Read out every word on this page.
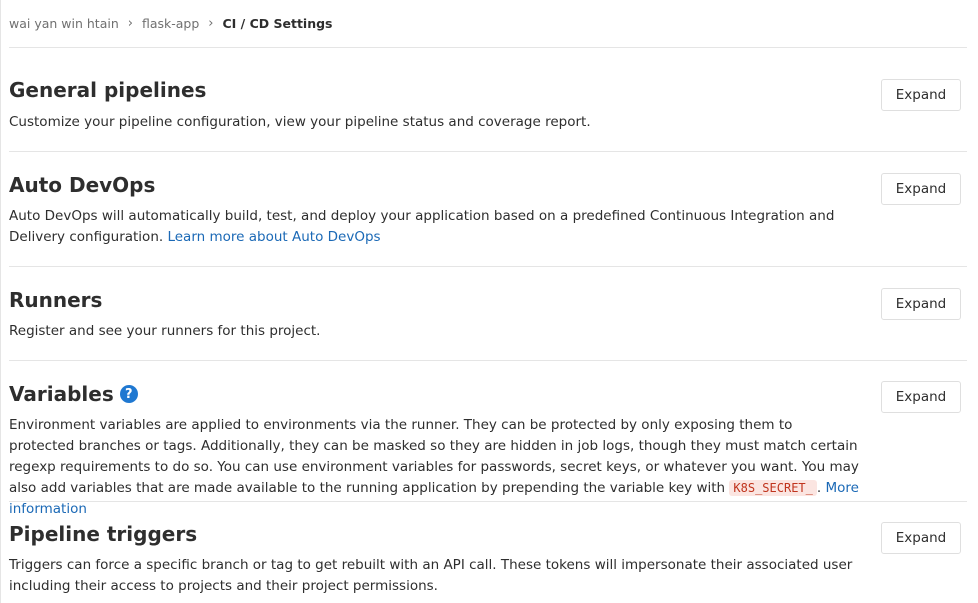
wai yan win htain › flask-app › CI / CD Settings
General pipelines

Customize your pipeline configuration, view your pipeline status and coverage report.

Expand
Auto DevOps

Auto DevOps will automatically build, test, and deploy your application based on a predefined Continuous Integration and Delivery configuration. Learn more about Auto DevOps

Expand
Runners

Register and see your runners for this project.

Expand
Variables ?

Environment variables are applied to environments via the runner. They can be protected by only exposing them to protected branches or tags. Additionally, they can be masked so they are hidden in job logs, though they must match certain regexp requirements to do so. You can use environment variables for passwords, secret keys, or whatever you want. You may also add variables that are made available to the running application by prepending the variable key with K8S_SECRET_ . More information

Expand
Pipeline triggers

Triggers can force a specific branch or tag to get rebuilt with an API call. These tokens will impersonate their associated user including their access to projects and their project permissions.

Expand
